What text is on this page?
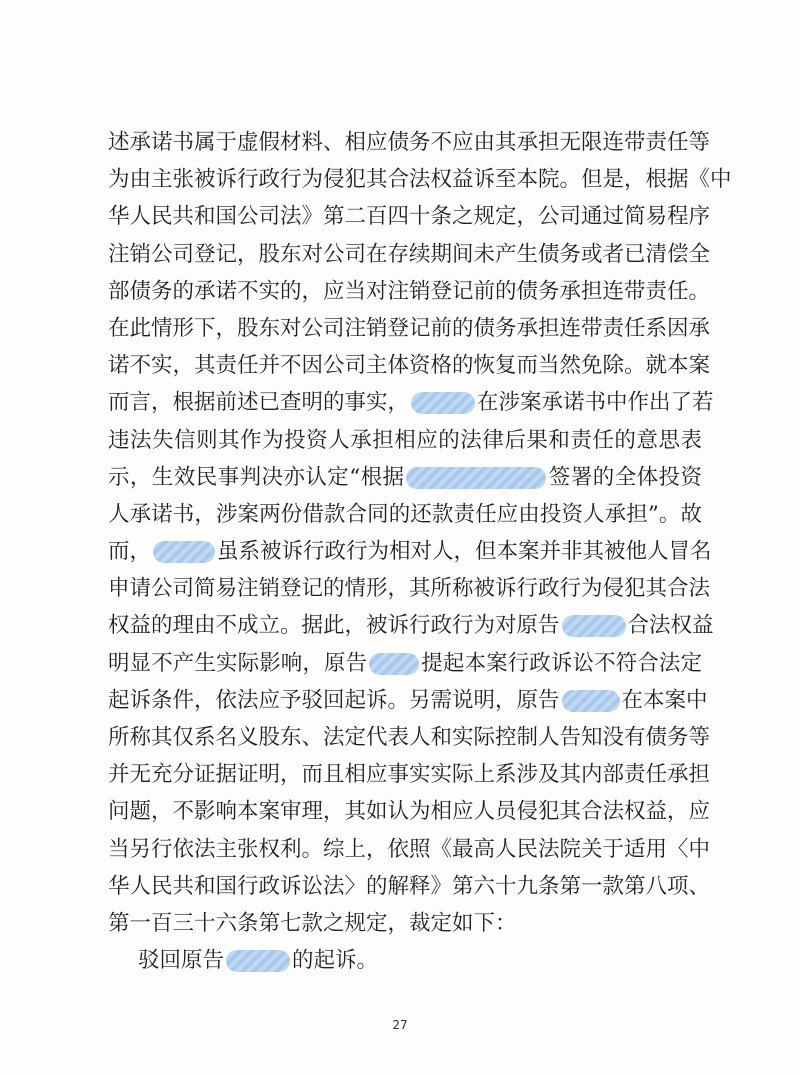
述承诺书属于虚假材料、相应债务不应由其承担无限连带责任等
为由主张被诉行政行为侵犯其合法权益诉至本院。但是，根据《中
华人民共和国公司法》第二百四十条之规定，公司通过简易程序
注销公司登记，股东对公司在存续期间未产生债务或者已清偿全
部债务的承诺不实的，应当对注销登记前的债务承担连带责任。
在此情形下，股东对公司注销登记前的债务承担连带责任系因承
诺不实，其责任并不因公司主体资格的恢复而当然免除。就本案
而言，根据前述已查明的事实，	在涉案承诺书中作出了若
违法失信则其作为投资人承担相应的法律后果和责任的意思表
示，生效民事判决亦认定“根据	签署的全体投资
人承诺书，涉案两份借款合同的还款责任应由投资人承担”。故
而，	虽系被诉行政行为相对人，但本案并非其被他人冒名
申请公司简易注销登记的情形，其所称被诉行政行为侵犯其合法
权益的理由不成立。据此，被诉行政行为对原告	合法权益
明显不产生实际影响，原告	提起本案行政诉讼不符合法定
起诉条件，依法应予驳回起诉。另需说明，原告	在本案中
所称其仅系名义股东、法定代表人和实际控制人告知没有债务等
并无充分证据证明，而且相应事实实际上系涉及其内部责任承担
问题，不影响本案审理，其如认为相应人员侵犯其合法权益，应
当另行依法主张权利。综上，依照《最高人民法院关于适用〈中
华人民共和国行政诉讼法〉的解释》第六十九条第一款第八项、
第一百三十六条第七款之规定，裁定如下：
驳回原告	的起诉。
27
